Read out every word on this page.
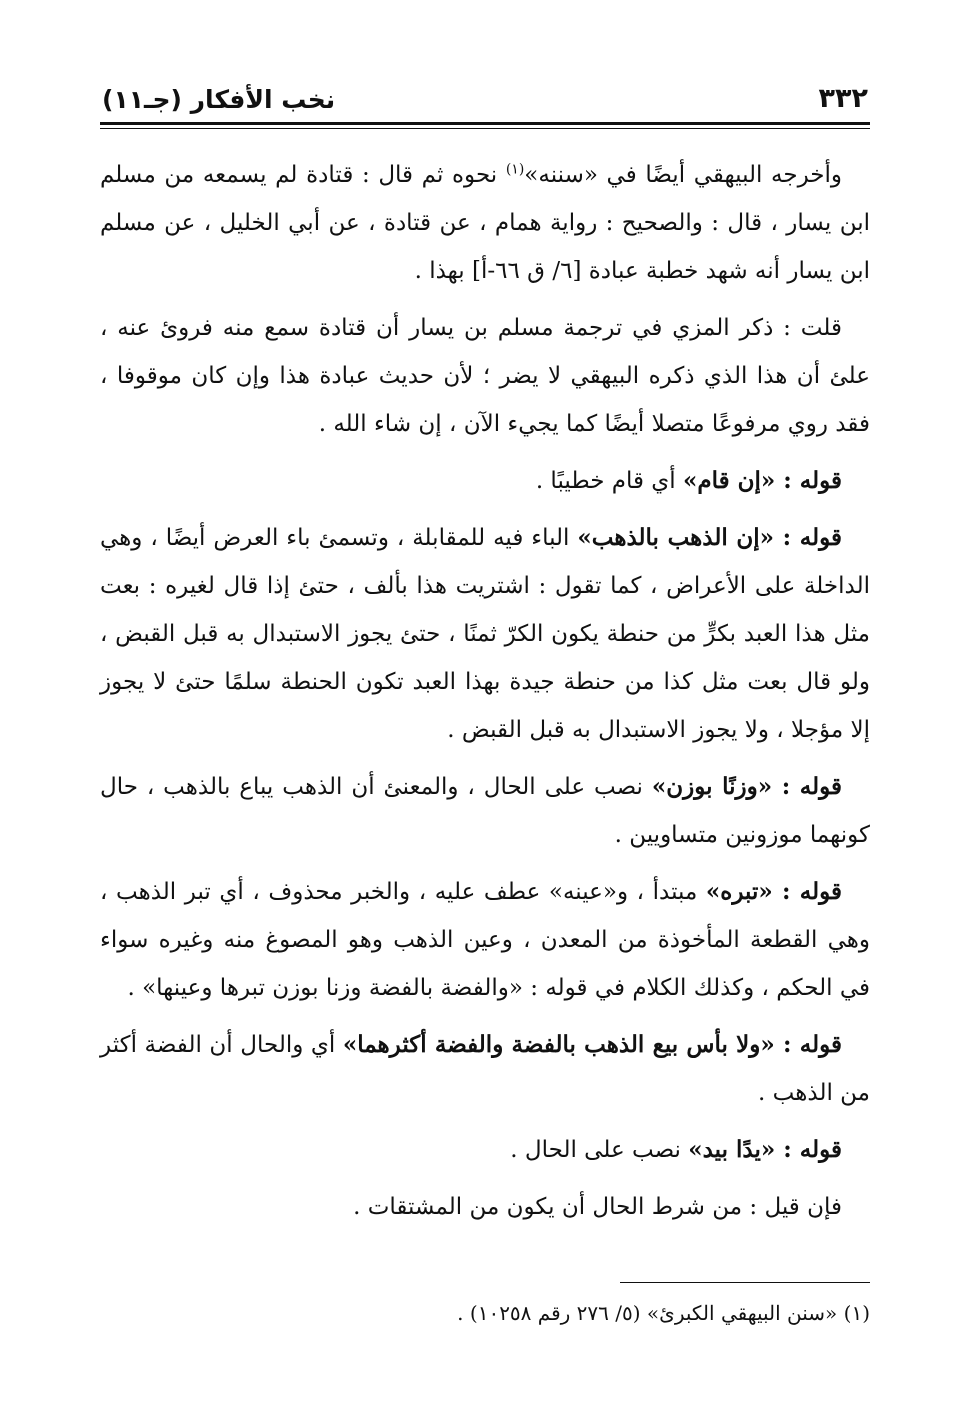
٣٣٢
نخب الأفكار (جـ١١)

وأخرجه البيهقي أيضًا في «سننه»$^{(١)}$ نحوه ثم قال : قتادة لم يسمعه من مسلم ابن يسار ، قال : والصحيح : رواية همام ، عن قتادة ، عن أبي الخليل ، عن مسلم ابن يسار أنه شهد خطبة عبادة [٦/ ق ٦٦-أ] بهذا .

قلت : ذكر المزي في ترجمة مسلم بن يسار أن قتادة سمع منه فروئ عنه ، علئ أن هذا الذي ذكره البيهقي لا يضر ؛ لأن حديث عبادة هذا وإن كان موقوفا ، فقد روي مرفوعًا متصلا أيضًا كما يجيء الآن ، إن شاء الله .

قوله : «إن قام» أي قام خطيبًا .

قوله : «إن الذهب بالذهب» الباء فيه للمقابلة ، وتسمئ باء العرض أيضًا ، وهي الداخلة على الأعراض ، كما تقول : اشتريت هذا بألف ، حتئ إذا قال لغيره : بعت مثل هذا العبد بكرٍّ من حنطة يكون الكرّ ثمنًا ، حتئ يجوز الاستبدال به قبل القبض ، ولو قال بعت مثل كذا من حنطة جيدة بهذا العبد تكون الحنطة سلمًا حتئ لا يجوز إلا مؤجلا ، ولا يجوز الاستبدال به قبل القبض .

قوله : «وزنًا بوزن» نصب على الحال ، والمعنئ أن الذهب يباع بالذهب ، حال كونهما موزونين متساويين .

قوله : «تبره» مبتدأ ، و«عينه» عطف عليه ، والخبر محذوف ، أي تبر الذهب ، وهي القطعة المأخوذة من المعدن ، وعين الذهب وهو المصوغ منه وغيره سواء في الحكم ، وكذلك الكلام في قوله : «والفضة بالفضة وزنا بوزن تبرها وعينها» .

قوله : «ولا بأس بيع الذهب بالفضة والفضة أكثرهما» أي والحال أن الفضة أكثر من الذهب .

قوله : «يدًا بيد» نصب على الحال .

فإن قيل : من شرط الحال أن يكون من المشتقات .

(١) «سنن البيهقي الكبرئ» (٥/ ٢٧٦ رقم ١٠٢٥٨) .
